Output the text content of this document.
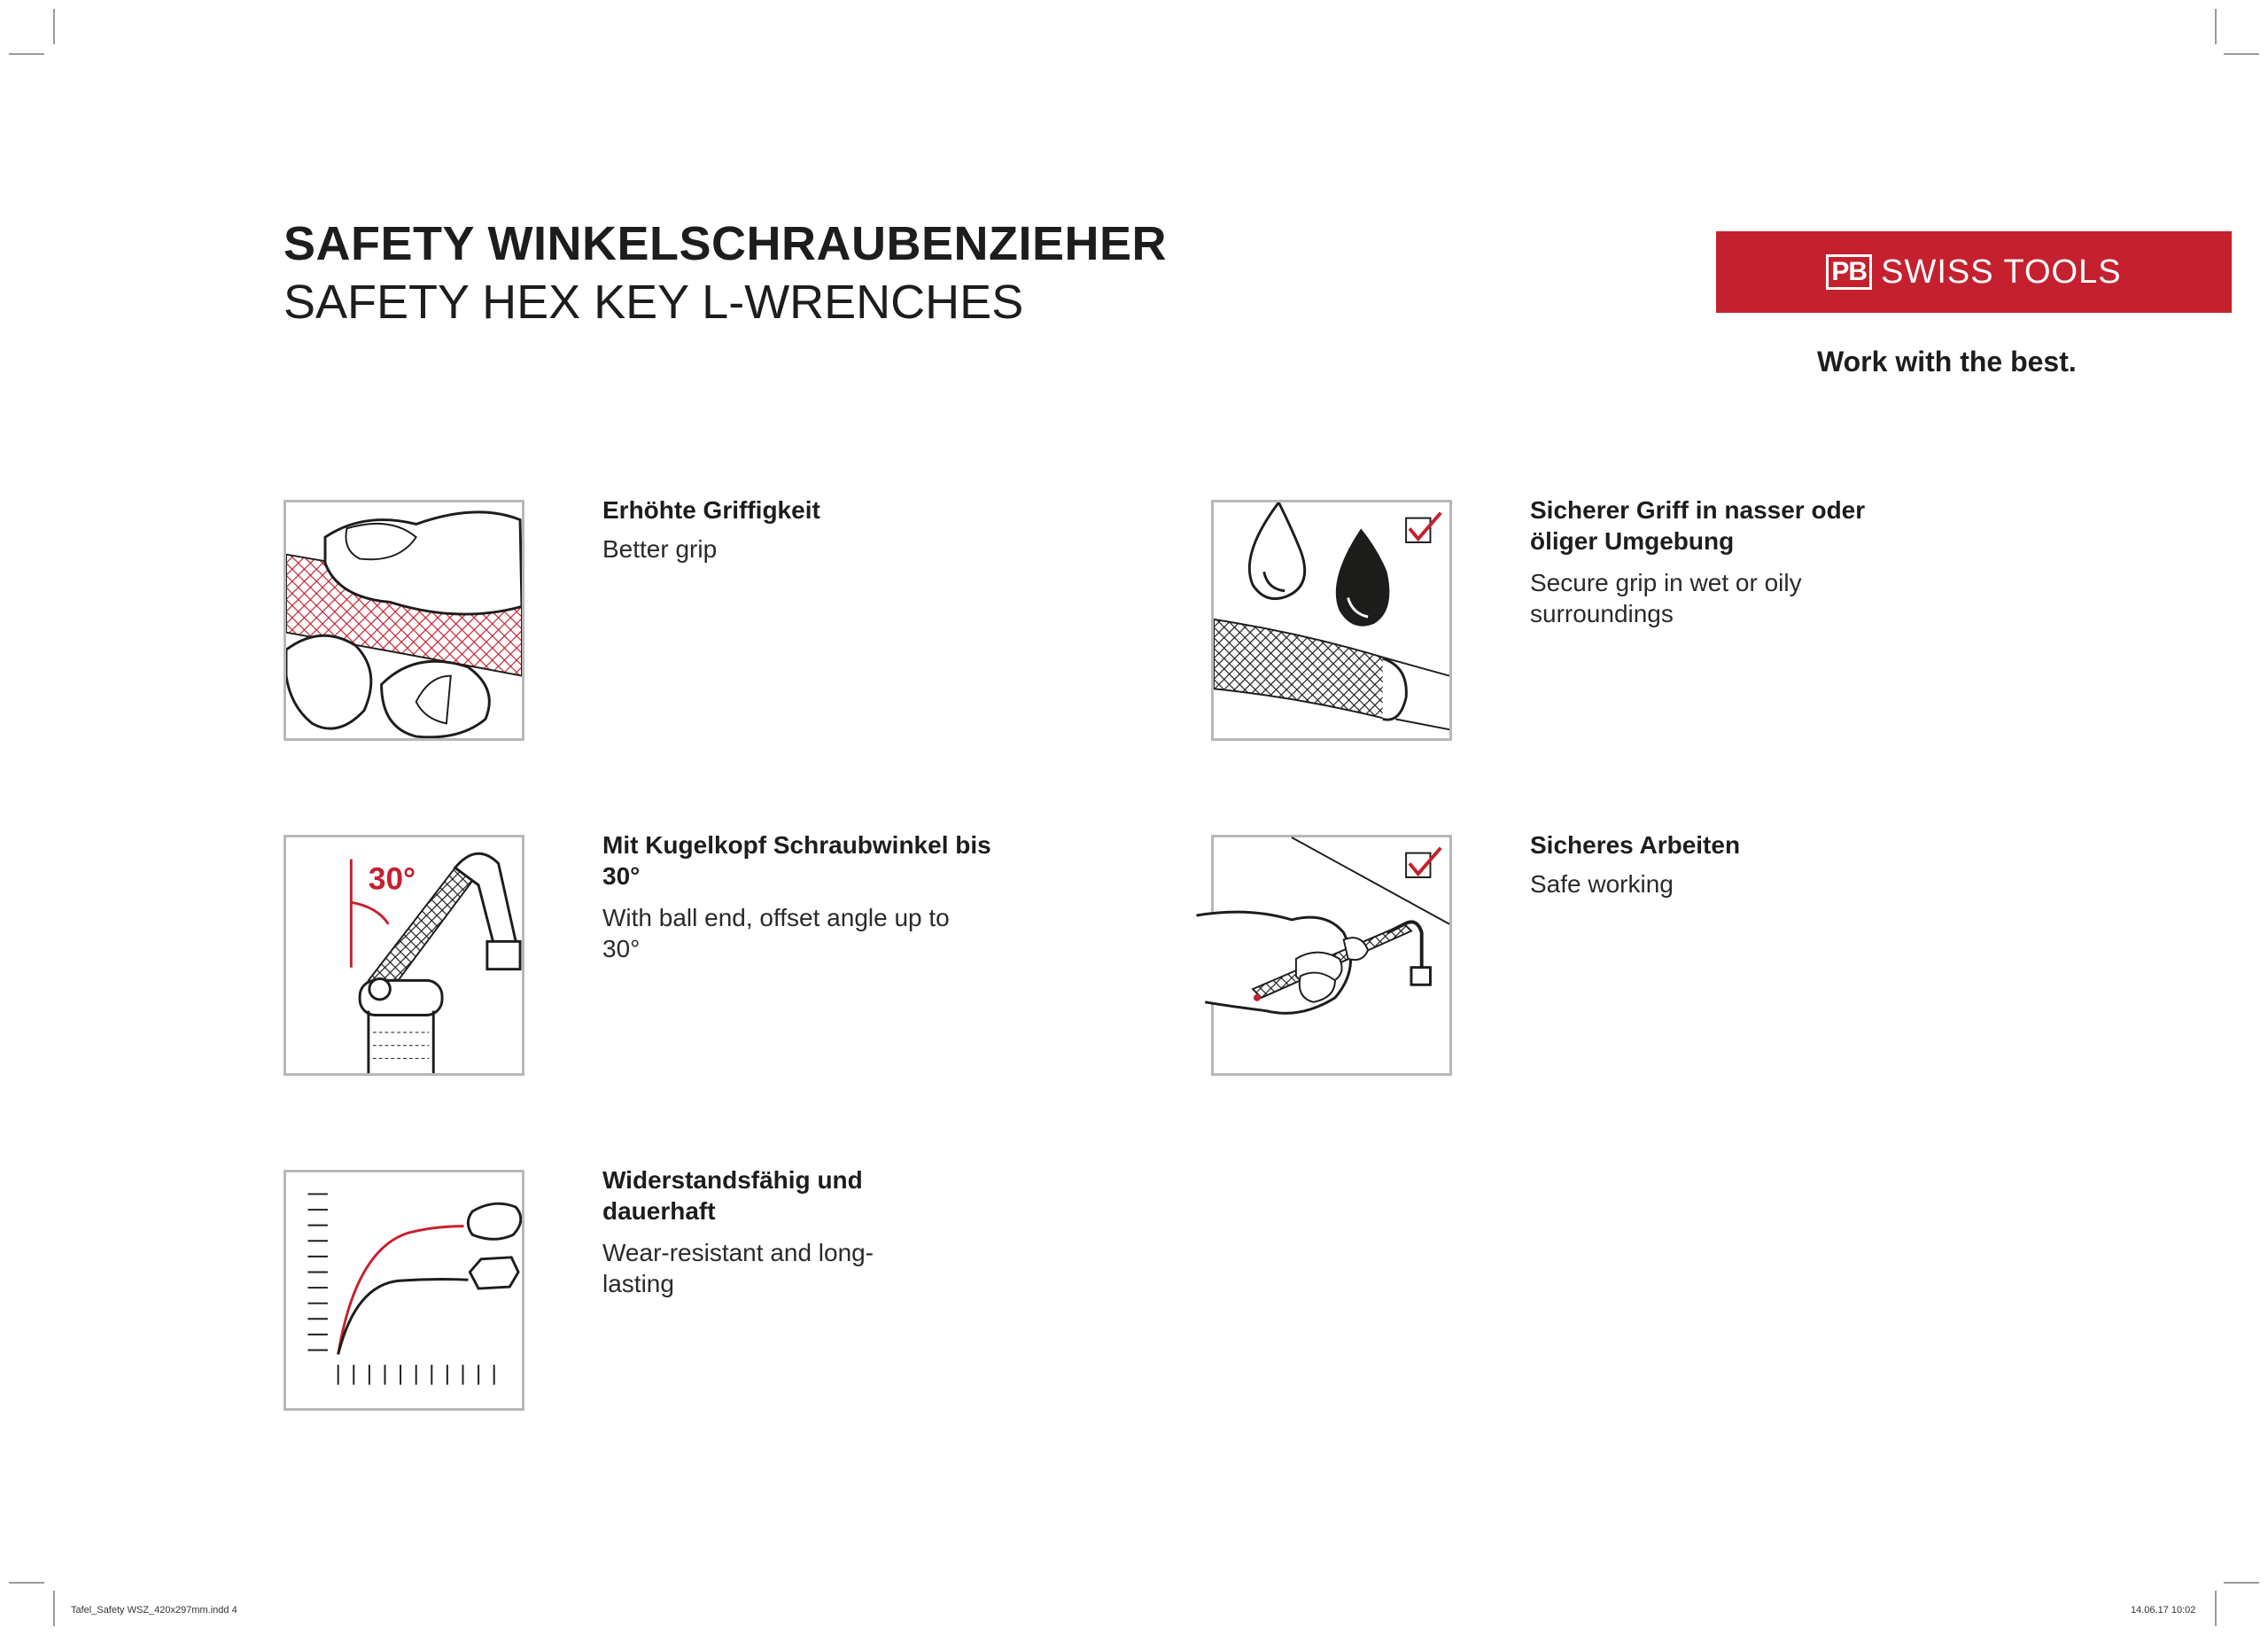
SAFETY WINKELSCHRAUBENZIEHER
SAFETY HEX KEY L-WRENCHES
PB SWISS TOOLS

Work with the best.

Erhöhte Griffigkeit

Better grip

Sicherer Griff in nasser oder öliger Umgebung

Secure grip in wet or oily surroundings

30°

Mit Kugelkopf Schraubwinkel bis 30°

With ball end, offset angle up to 30°

Sicheres Arbeiten

Safe working

Widerstandsfähig und dauerhaft

Wear-resistant and long-lasting

Tafel_Safety WSZ_420x297mm.indd 4	14.06.17 10:02
